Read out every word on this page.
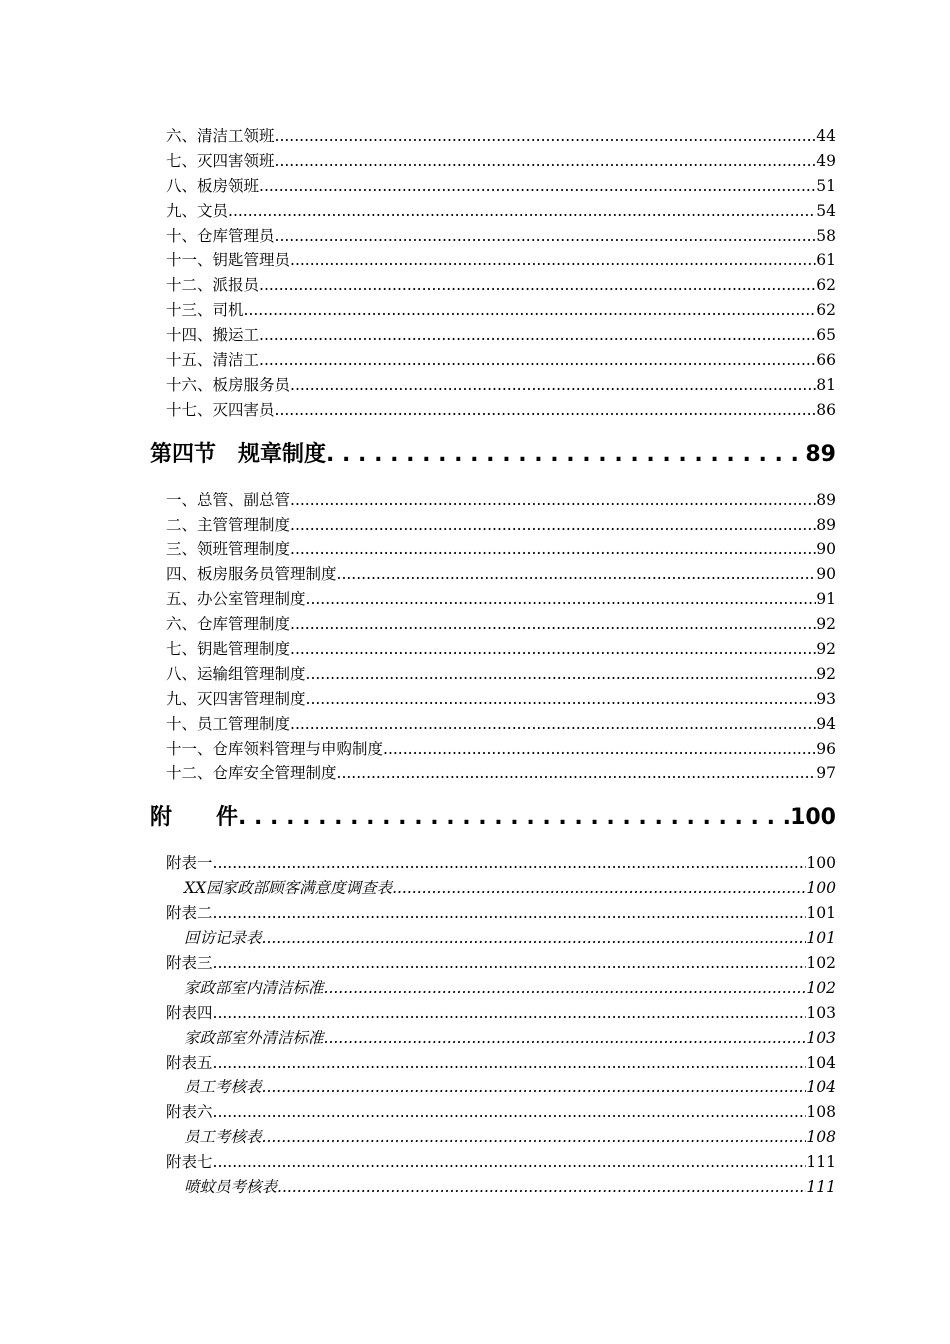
六、清洁工领班 .....	44
七、灭四害领班 .....	49
八、板房领班 .....	51
九、文员 .....	54
十、仓库管理员 .....	58
十一、钥匙管理员 .....	61
十二、派报员 .....	62
十三、司机 .....	62
十四、搬运工 .....	65
十五、清洁工 .....	66
十六、板房服务员 .....	81
十七、灭四害员 .....	86
第四节　规章制度 . . .	89
一、总管、副总管 .....	89
二、主管管理制度 .....	89
三、领班管理制度 .....	90
四、板房服务员管理制度 .....	90
五、办公室管理制度 .....	91
六、仓库管理制度 .....	92
七、钥匙管理制度 .....	92
八、运输组管理制度 .....	92
九、灭四害管理制度 .....	93
十、员工管理制度 .....	94
十一、仓库领料管理与申购制度 .....	96
十二、仓库安全管理制度 .....	97
附　　件 . . .	100
附表一 .....	100
XX园家政部顾客满意度调查表 .....	100
附表二 .....	101
回访记录表 .....	101
附表三 .....	102
家政部室内清洁标准 .....	102
附表四 .....	103
家政部室外清洁标准 .....	103
附表五 .....	104
员工考核表 .....	104
附表六 .....	108
员工考核表 .....	108
附表七 .....	111
喷蚊员考核表 .....	111
